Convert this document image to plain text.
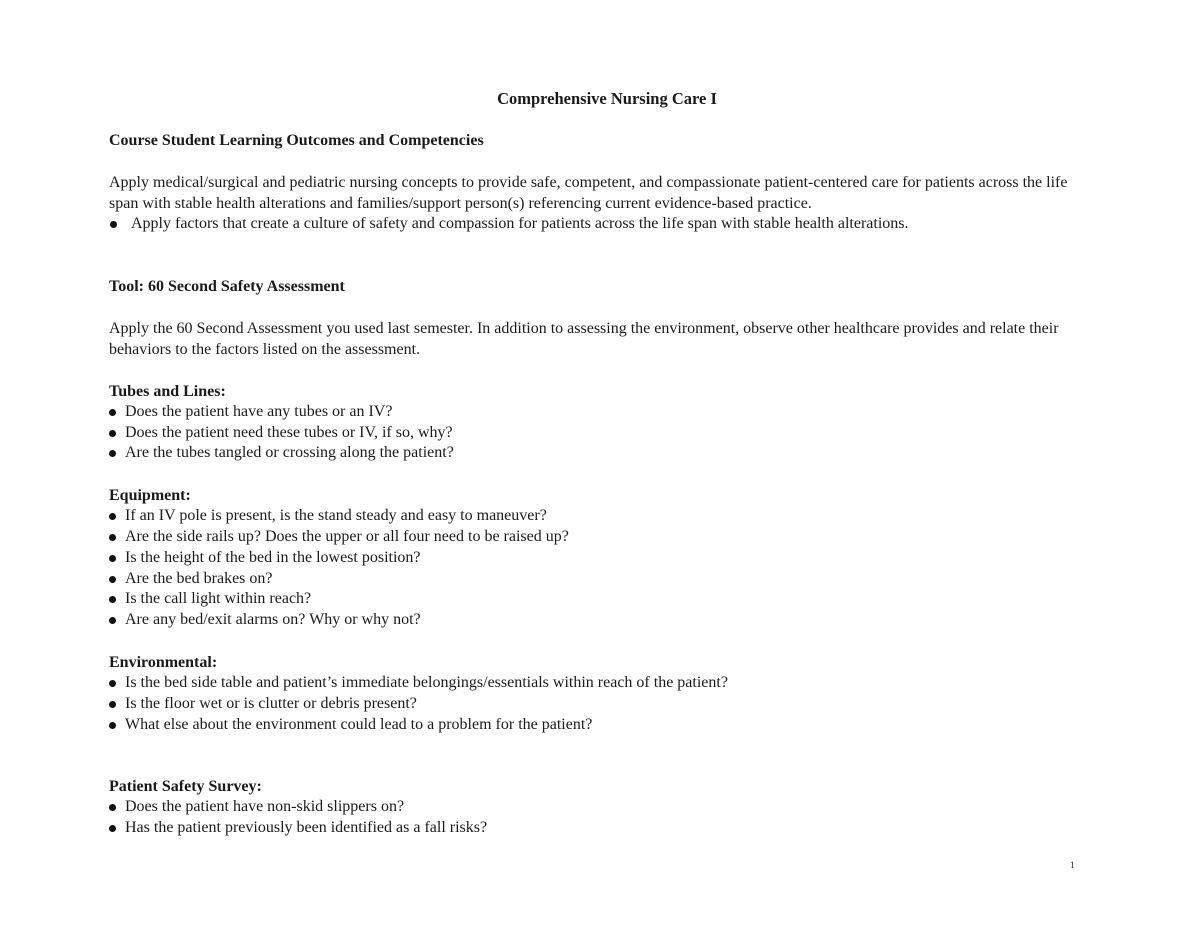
Comprehensive Nursing Care I

Course Student Learning Outcomes and Competencies

Apply medical/surgical and pediatric nursing concepts to provide safe, competent, and compassionate patient-centered care for patients across the life span with stable health alterations and families/support person(s) referencing current evidence-based practice.

Apply factors that create a culture of safety and compassion for patients across the life span with stable health alterations.

Tool: 60 Second Safety Assessment

Apply the 60 Second Assessment you used last semester. In addition to assessing the environment, observe other healthcare provides and relate their behaviors to the factors listed on the assessment.

Tubes and Lines:

Does the patient have any tubes or an IV?
Does the patient need these tubes or IV, if so, why?
Are the tubes tangled or crossing along the patient?

Equipment:

If an IV pole is present, is the stand steady and easy to maneuver?
Are the side rails up? Does the upper or all four need to be raised up?
Is the height of the bed in the lowest position?
Are the bed brakes on?
Is the call light within reach?
Are any bed/exit alarms on? Why or why not?

Environmental:

Is the bed side table and patient’s immediate belongings/essentials within reach of the patient?
Is the floor wet or is clutter or debris present?
What else about the environment could lead to a problem for the patient?

Patient Safety Survey:

Does the patient have non-skid slippers on?
Has the patient previously been identified as a fall risks?
1
